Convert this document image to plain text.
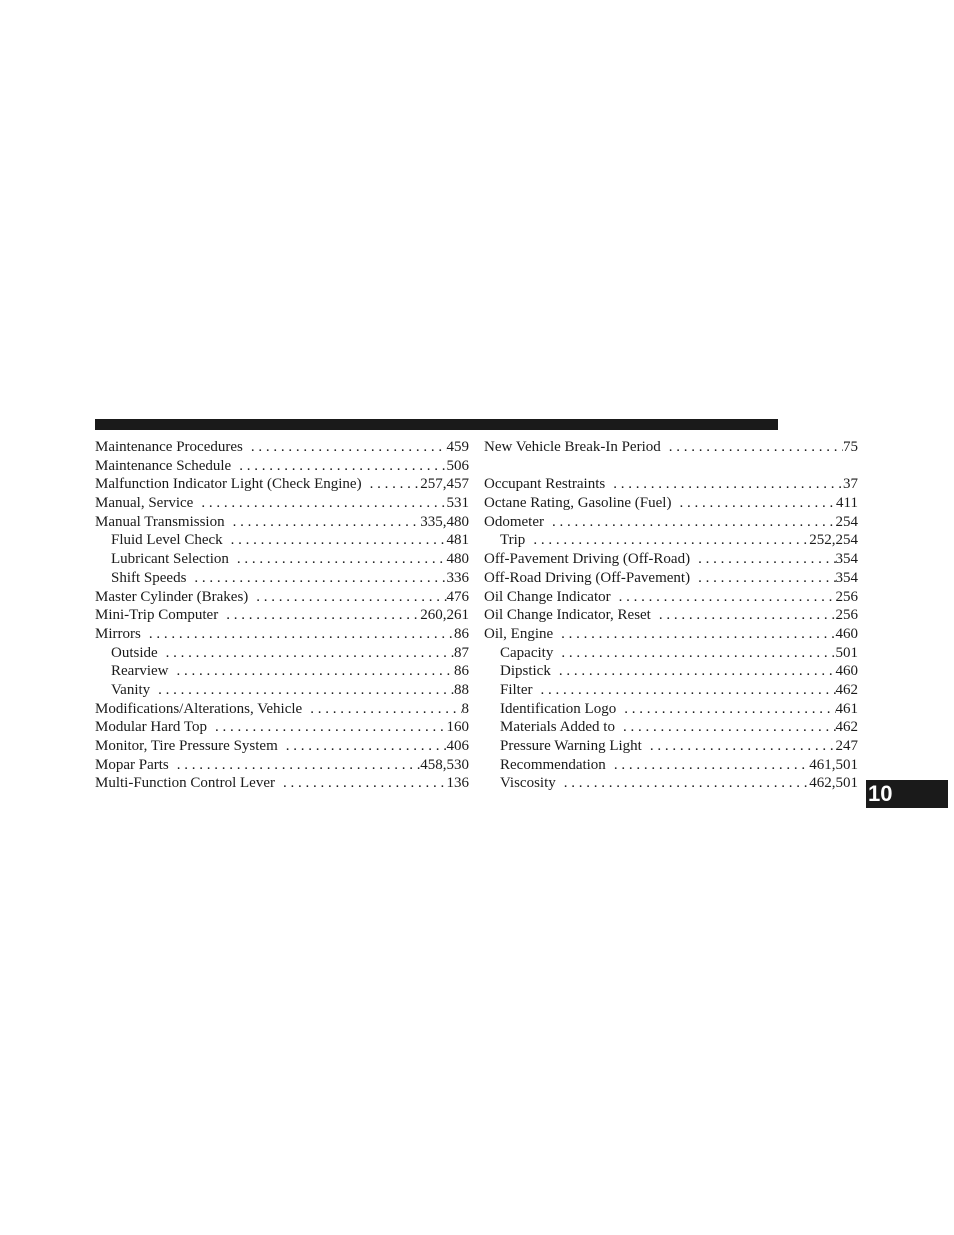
Maintenance Procedures . . .	459
Maintenance Schedule . . .	506
Malfunction Indicator Light (Check Engine) . . .	257,457
Manual, Service . . .	531
Manual Transmission . . .	335,480
Fluid Level Check . . .	481
Lubricant Selection . . .	480
Shift Speeds . . .	336
Master Cylinder (Brakes) . . .	476
Mini-Trip Computer . . .	260,261
Mirrors . . .	86
Outside . . .	87
Rearview . . .	86
Vanity . . .	88
Modifications/Alterations, Vehicle . . .	8
Modular Hard Top . . .	160
Monitor, Tire Pressure System . . .	406
Mopar Parts . . .	458,530
Multi-Function Control Lever . . .	136
New Vehicle Break-In Period . . .	75
Occupant Restraints . . .	37
Octane Rating, Gasoline (Fuel) . . .	411
Odometer . . .	254
Trip . . .	252,254
Off-Pavement Driving (Off-Road) . . .	354
Off-Road Driving (Off-Pavement) . . .	354
Oil Change Indicator . . .	256
Oil Change Indicator, Reset . . .	256
Oil, Engine . . .	460
Capacity . . .	501
Dipstick . . .	460
Filter . . .	462
Identification Logo . . .	461
Materials Added to . . .	462
Pressure Warning Light . . .	247
Recommendation . . .	461,501
Viscosity . . .	462,501 10
